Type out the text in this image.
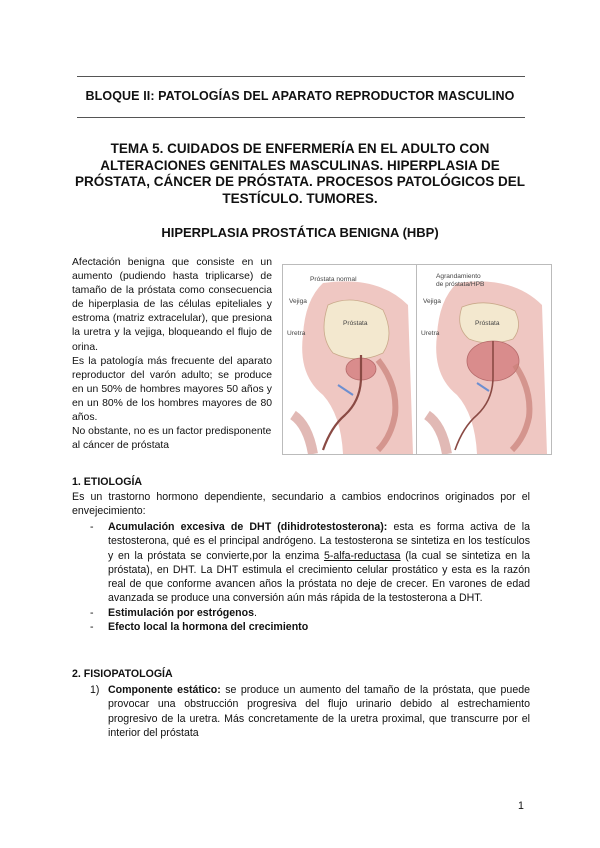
BLOQUE II: PATOLOGÍAS DEL APARATO REPRODUCTOR MASCULINO
TEMA 5. CUIDADOS DE ENFERMERÍA EN EL ADULTO CON
ALTERACIONES GENITALES MASCULINAS. HIPERPLASIA DE
PRÓSTATA, CÁNCER DE PRÓSTATA. PROCESOS PATOLÓGICOS DEL
TESTÍCULO. TUMORES.
HIPERPLASIA PROSTÁTICA BENIGNA (HBP)

Afectación benigna que consiste en un aumento (pudiendo hasta triplicarse) de tamaño de la próstata como consecuencia de hiperplasia de las células epiteliales y estroma (matriz extracelular), que presiona la uretra y la vejiga, bloqueando el flujo de orina.

Es la patología más frecuente del aparato reproductor del varón adulto; se produce en un 50% de hombres mayores 50 años y en un 80% de los hombres mayores de 80 años.

No obstante, no es un factor predisponente al cáncer de próstata

Próstata normal
Vejiga
Próstata
Uretra
Agrandamiento
de próstata/HPB
Vejiga
Próstata
Uretra
1. ETIOLOGÍA
Es un trastorno hormono dependiente, secundario a cambios endocrinos originados por el envejecimiento:
- Acumulación excesiva de DHT (dihidrotestosterona): esta es forma activa de la testosterona, qué es el principal andrógeno. La testosterona se sintetiza en los testículos y en la próstata se convierte,por la enzima 5-alfa-reductasa (la cual se sintetiza en la próstata), en DHT. La DHT estimula el crecimiento celular prostático y esta es la razón real de que conforme avancen años la próstata no deje de crecer. En varones de edad avanzada se produce una conversión aún más rápida de la testosterona a DHT.
- Estimulación por estrógenos.
- Efecto local la hormona del crecimiento
2. FISIOPATOLOGÍA
1) Componente estático: se produce un aumento del tamaño de la próstata, que puede provocar una obstrucción progresiva del flujo urinario debido al estrechamiento progresivo de la uretra. Más concretamente de la uretra proximal, que transcurre por el interior del próstata
1
